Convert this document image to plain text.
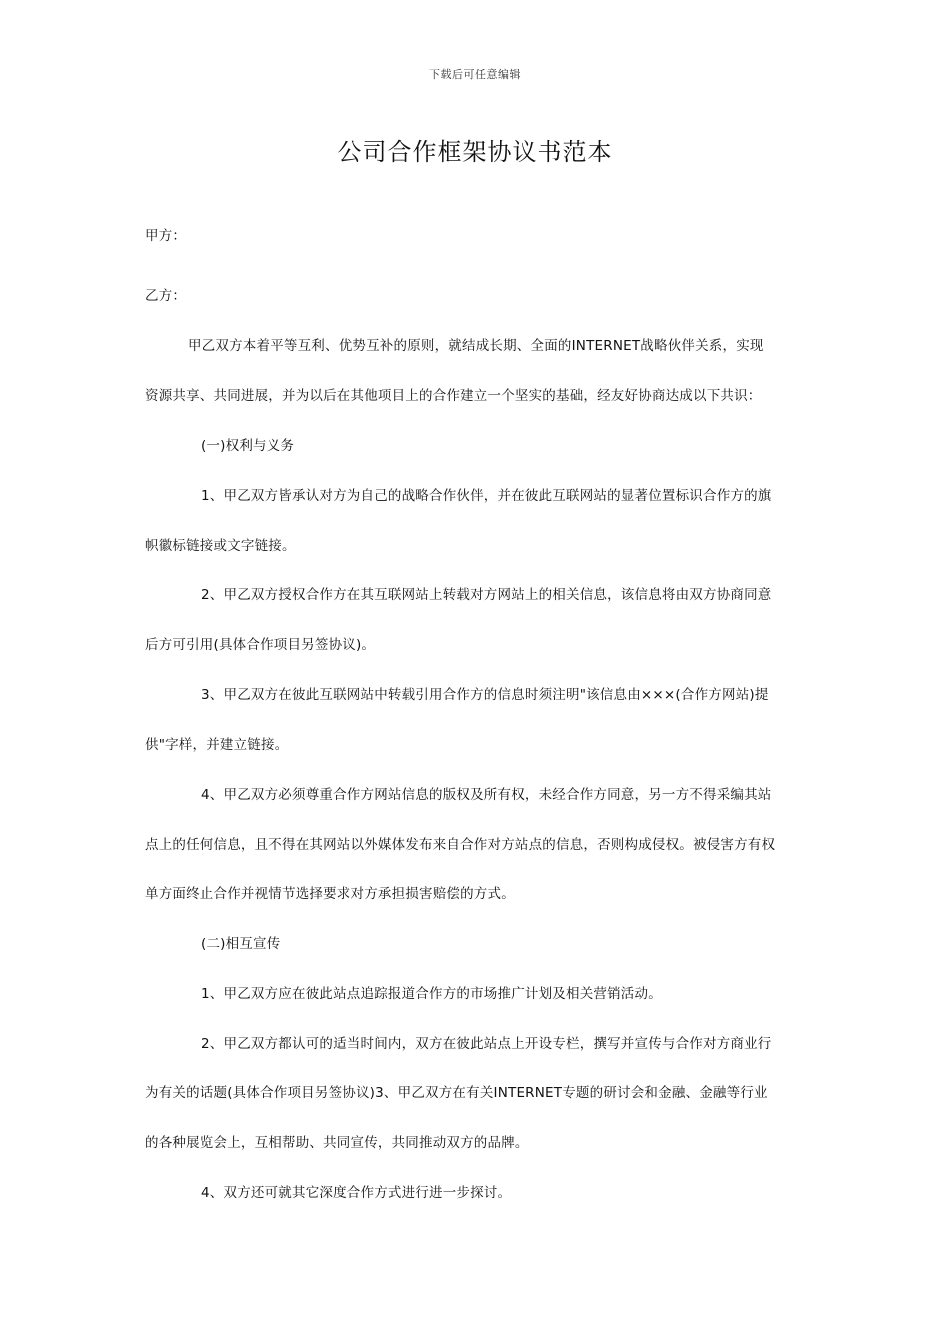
下载后可任意编辑
公司合作框架协议书范本
甲方：
乙方：
甲乙双方本着平等互利、优势互补的原则，就结成长期、全面的INTERNET战略伙伴关系，实现
资源共享、共同进展，并为以后在其他项目上的合作建立一个坚实的基础，经友好协商达成以下共识：
(一)权利与义务
1、甲乙双方皆承认对方为自己的战略合作伙伴，并在彼此互联网站的显著位置标识合作方的旗
帜徽标链接或文字链接。
2、甲乙双方授权合作方在其互联网站上转载对方网站上的相关信息，该信息将由双方协商同意
后方可引用(具体合作项目另签协议)。
3、甲乙双方在彼此互联网站中转载引用合作方的信息时须注明"该信息由×××(合作方网站)提
供"字样，并建立链接。
4、甲乙双方必须尊重合作方网站信息的版权及所有权，未经合作方同意，另一方不得采编其站
点上的任何信息，且不得在其网站以外媒体发布来自合作对方站点的信息，否则构成侵权。被侵害方有权
单方面终止合作并视情节选择要求对方承担损害赔偿的方式。
(二)相互宣传
1、甲乙双方应在彼此站点追踪报道合作方的市场推广计划及相关营销活动。
2、甲乙双方都认可的适当时间内，双方在彼此站点上开设专栏，撰写并宣传与合作对方商业行
为有关的话题(具体合作项目另签协议)3、甲乙双方在有关INTERNET专题的研讨会和金融、金融等行业
的各种展览会上，互相帮助、共同宣传，共同推动双方的品牌。
4、双方还可就其它深度合作方式进行进一步探讨。
